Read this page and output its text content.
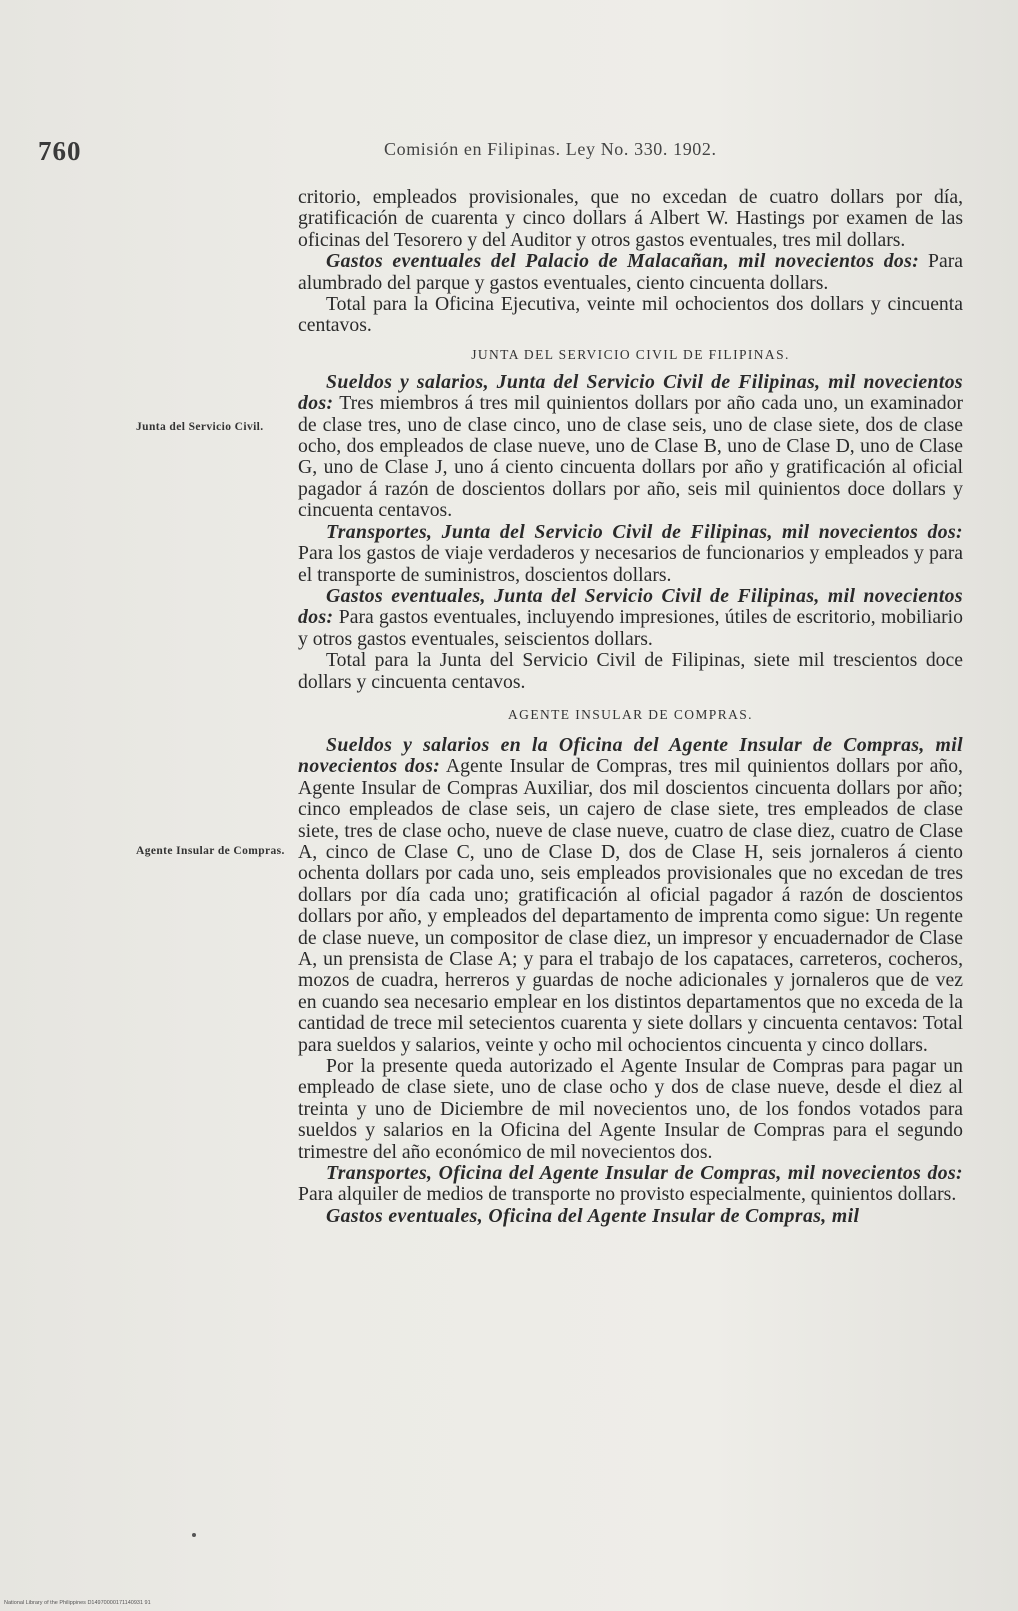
760	Comisión en Filipinas. Ley No. 330. 1902.
Junta del Servicio Civil.
Agente Insular de Compras.

critorio, empleados provisionales, que no excedan de cuatro dollars por día, gratificación de cuarenta y cinco dollars á Albert W. Hastings por examen de las oficinas del Tesorero y del Auditor y otros gastos eventuales, tres mil dollars.

Gastos eventuales del Palacio de Malacañan, mil novecientos dos: Para alumbrado del parque y gastos eventuales, ciento cincuenta dollars.

Total para la Oficina Ejecutiva, veinte mil ochocientos dos dollars y cincuenta centavos.

JUNTA DEL SERVICIO CIVIL DE FILIPINAS.

Sueldos y salarios, Junta del Servicio Civil de Filipinas, mil novecientos dos: Tres miembros á tres mil quinientos dollars por año cada uno, un examinador de clase tres, uno de clase cinco, uno de clase seis, uno de clase siete, dos de clase ocho, dos empleados de clase nueve, uno de Clase B, uno de Clase D, uno de Clase G, uno de Clase J, uno á ciento cincuenta dollars por año y gratificación al oficial pagador á razón de doscientos dollars por año, seis mil quinientos doce dollars y cincuenta centavos.

Transportes, Junta del Servicio Civil de Filipinas, mil novecientos dos: Para los gastos de viaje verdaderos y necesarios de funcionarios y empleados y para el transporte de suministros, doscientos dollars.

Gastos eventuales, Junta del Servicio Civil de Filipinas, mil novecientos dos: Para gastos eventuales, incluyendo impresiones, útiles de escritorio, mobiliario y otros gastos eventuales, seiscientos dollars.

Total para la Junta del Servicio Civil de Filipinas, siete mil trescientos doce dollars y cincuenta centavos.

AGENTE INSULAR DE COMPRAS.

Sueldos y salarios en la Oficina del Agente Insular de Compras, mil novecientos dos: Agente Insular de Compras, tres mil quinientos dollars por año, Agente Insular de Compras Auxiliar, dos mil doscientos cincuenta dollars por año; cinco empleados de clase seis, un cajero de clase siete, tres empleados de clase siete, tres de clase ocho, nueve de clase nueve, cuatro de clase diez, cuatro de Clase A, cinco de Clase C, uno de Clase D, dos de Clase H, seis jornaleros á ciento ochenta dollars por cada uno, seis empleados provisionales que no excedan de tres dollars por día cada uno; gratificación al oficial pagador á razón de doscientos dollars por año, y empleados del departamento de imprenta como sigue: Un regente de clase nueve, un compositor de clase diez, un impresor y encuadernador de Clase A, un prensista de Clase A; y para el trabajo de los capataces, carreteros, cocheros, mozos de cuadra, herreros y guardas de noche adicionales y jornaleros que de vez en cuando sea necesario emplear en los distintos departamentos que no exceda de la cantidad de trece mil setecientos cuarenta y siete dollars y cincuenta centavos: Total para sueldos y salarios, veinte y ocho mil ochocientos cincuenta y cinco dollars.

Por la presente queda autorizado el Agente Insular de Compras para pagar un empleado de clase siete, uno de clase ocho y dos de clase nueve, desde el diez al treinta y uno de Diciembre de mil novecientos uno, de los fondos votados para sueldos y salarios en la Oficina del Agente Insular de Compras para el segundo trimestre del año económico de mil novecientos dos.

Transportes, Oficina del Agente Insular de Compras, mil novecientos dos: Para alquiler de medios de transporte no provisto especialmente, quinientos dollars.

Gastos eventuales, Oficina del Agente Insular de Compras, mil

National Library of the Philippines D14970000171140931 91
